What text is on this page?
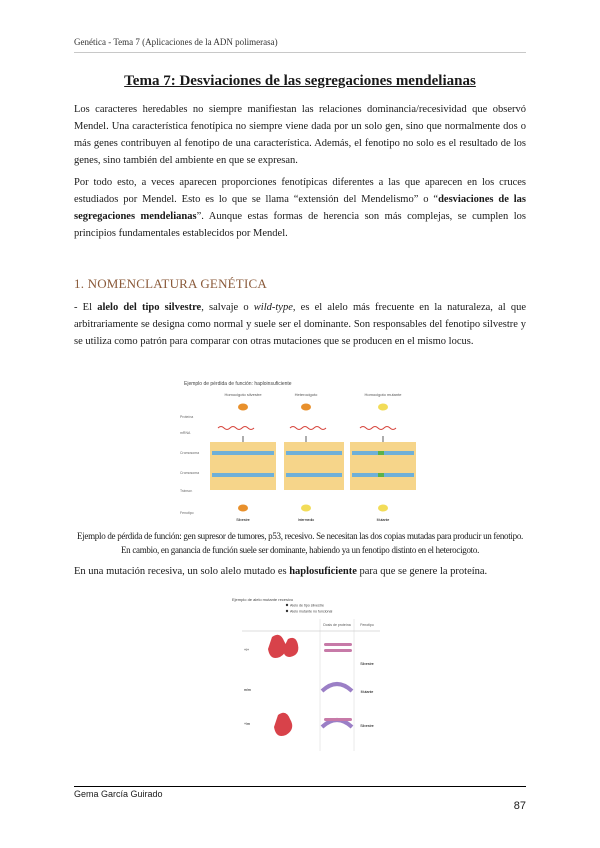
Genética - Tema 7 (Aplicaciones de la ADN polimerasa)
Tema 7: Desviaciones de las segregaciones mendelianas

Los caracteres heredables no siempre manifiestan las relaciones dominancia/recesividad que observó Mendel. Una característica fenotípica no siempre viene dada por un solo gen, sino que normalmente dos o más genes contribuyen al fenotipo de una característica. Además, el fenotipo no solo es el resultado de los genes, sino también del ambiente en que se expresan.

Por todo esto, a veces aparecen proporciones fenotípicas diferentes a las que aparecen en los cruces estudiados por Mendel. Esto es lo que se llama “extensión del Mendelismo” o “desviaciones de las segregaciones mendelianas”. Aunque estas formas de herencia son más complejas, se cumplen los principios fundamentales establecidos por Mendel.

1. NOMENCLATURA GENÉTICA

- El alelo del tipo silvestre, salvaje o wild-type, es el alelo más frecuente en la naturaleza, al que arbitrariamente se designa como normal y suele ser el dominante. Son responsables del fenotipo silvestre y se utiliza como patrón para comparar con otras mutaciones que se producen en el mismo locus.

Ejemplo de pérdida de función: haploinsuficiente
Homocigoto silvestre	Heterocigoto	Homocigoto mutante
Proteína
mRNA
Cromosoma
Cromosoma
Tránscr.
Fenotipo
Silvestre	Intermedio	Mutante
Ejemplo de pérdida de función: gen supresor de tumores, p53, recesivo. Se necesitan las dos copias mutadas para producir un fenotipo. En cambio, en ganancia de función suele ser dominante, habiendo ya un fenotipo distinto en el heterocigoto.
En una mutación recesiva, un solo alelo mutado es haplosuficiente para que se genere la proteína.
Ejemplo de alelo mutante recesivo
Alelo de tipo silvestre
Alelo mutante no funcional
Dosis de proteína	Fenotipo
+/+
m/m
+/m
Silvestre
Mutante
Silvestre
Gema García Guirado
87
